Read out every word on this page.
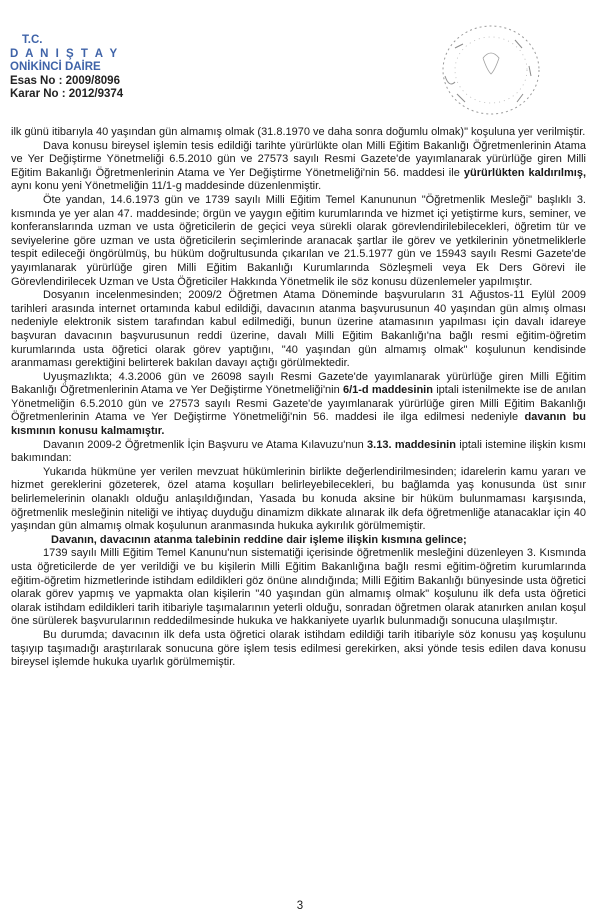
T.C.
D A N I Ş T A Y
ONİKİNCİ DAİRE
Esas No : 2009/8096
Karar No : 2012/9374

ilk günü itibarıyla 40 yaşından gün almamış olmak (31.8.1970 ve daha sonra doğumlu olmak)" koşuluna yer verilmiştir.

Dava konusu bireysel işlemin tesis edildiği tarihte yürürlükte olan Milli Eğitim Bakanlığı Öğretmenlerinin Atama ve Yer Değiştirme Yönetmeliği 6.5.2010 gün ve 27573 sayılı Resmi Gazete'de yayımlanarak yürürlüğe giren Milli Eğitim Bakanlığı Öğretmenlerinin Atama ve Yer Değiştirme Yönetmeliği'nin 56. maddesi ile yürürlükten kaldırılmış, aynı konu yeni Yönetmeliğin 11/1-g maddesinde düzenlenmiştir.

Öte yandan, 14.6.1973 gün ve 1739 sayılı Milli Eğitim Temel Kanununun "Öğretmenlik Mesleği" başlıklı 3. kısmında ye yer alan 47. maddesinde; örgün ve yaygın eğitim kurumlarında ve hizmet içi yetiştirme kurs, seminer, ve konferanslarında uzman ve usta öğreticilerin de geçici veya sürekli olarak görevlendirilebilecekleri, öğretim tür ve seviyelerine göre uzman ve usta öğreticilerin seçimlerinde aranacak şartlar ile görev ve yetkilerinin yönetmeliklerle tespit edileceği öngörülmüş, bu hüküm doğrultusunda çıkarılan ve 21.5.1977 gün ve 15943 sayılı Resmi Gazete'de yayımlanarak yürürlüğe giren Milli Eğitim Bakanlığı Kurumlarında Sözleşmeli veya Ek Ders Görevi ile Görevlendirilecek Uzman ve Usta Öğreticiler Hakkında Yönetmelik ile söz konusu düzenlemeler yapılmıştır.

Dosyanın incelenmesinden; 2009/2 Öğretmen Atama Döneminde başvuruların 31 Ağustos-11 Eylül 2009 tarihleri arasında internet ortamında kabul edildiği, davacının atanma başvurusunun 40 yaşından gün almış olması nedeniyle elektronik sistem tarafından kabul edilmediği, bunun üzerine atamasının yapılması için davalı idareye başvuran davacının başvurusunun reddi üzerine, davalı Milli Eğitim Bakanlığı'na bağlı resmi eğitim-öğretim kurumlarında usta öğretici olarak görev yaptığını, "40 yaşından gün almamış olmak" koşulunun kendisinde aranmaması gerektiğini belirterek bakılan davayı açtığı görülmektedir.

Uyuşmazlıkta; 4.3.2006 gün ve 26098 sayılı Resmi Gazete'de yayımlanarak yürürlüğe giren Milli Eğitim Bakanlığı Öğretmenlerinin Atama ve Yer Değiştirme Yönetmeliği'nin 6/1-d maddesinin iptali istenilmekte ise de anılan Yönetmeliğin 6.5.2010 gün ve 27573 sayılı Resmi Gazete'de yayımlanarak yürürlüğe giren Milli Eğitim Bakanlığı Öğretmenlerinin Atama ve Yer Değiştirme Yönetmeliği'nin 56. maddesi ile ilga edilmesi nedeniyle davanın bu kısmının konusu kalmamıştır.

Davanın 2009-2 Öğretmenlik İçin Başvuru ve Atama Kılavuzu'nun 3.13. maddesinin iptali istemine ilişkin kısmı bakımından:

Yukarıda hükmüne yer verilen mevzuat hükümlerinin birlikte değerlendirilmesinden; idarelerin kamu yararı ve hizmet gereklerini gözeterek, özel atama koşulları belirleyebilecekleri, bu bağlamda yaş konusunda üst sınır belirlemelerinin olanaklı olduğu anlaşıldığından, Yasada bu konuda aksine bir hüküm bulunmaması karşısında, öğretmenlik mesleğinin niteliği ve ihtiyaç duyduğu dinamizm dikkate alınarak ilk defa öğretmenliğe atanacaklar için 40 yaşından gün almamış olmak koşulunun aranmasında hukuka aykırılık görülmemiştir.

Davanın, davacının atanma talebinin reddine dair işleme ilişkin kısmına gelince;

1739 sayılı Milli Eğitim Temel Kanunu'nun sistematiği içerisinde öğretmenlik mesleğini düzenleyen 3. Kısmında usta öğreticilerde de yer verildiği ve bu kişilerin Milli Eğitim Bakanlığına bağlı resmi eğitim-öğretim kurumlarında eğitim-öğretim hizmetlerinde istihdam edildikleri göz önüne alındığında; Milli Eğitim Bakanlığı bünyesinde usta öğretici olarak görev yapmış ve yapmakta olan kişilerin "40 yaşından gün almamış olmak" koşulunu ilk defa usta öğretici olarak istihdam edildikleri tarih itibariyle taşımalarının yeterli olduğu, sonradan öğretmen olarak atanırken anılan koşul öne sürülerek başvurularının reddedilmesinde hukuka ve hakkaniyete uyarlık bulunmadığı sonucuna ulaşılmıştır.

Bu durumda; davacının ilk defa usta öğretici olarak istihdam edildiği tarih itibariyle söz konusu yaş koşulunu taşıyıp taşımadığı araştırılarak sonucuna göre işlem tesis edilmesi gerekirken, aksi yönde tesis edilen dava konusu bireysel işlemde hukuka uyarlık görülmemiştir.

3
